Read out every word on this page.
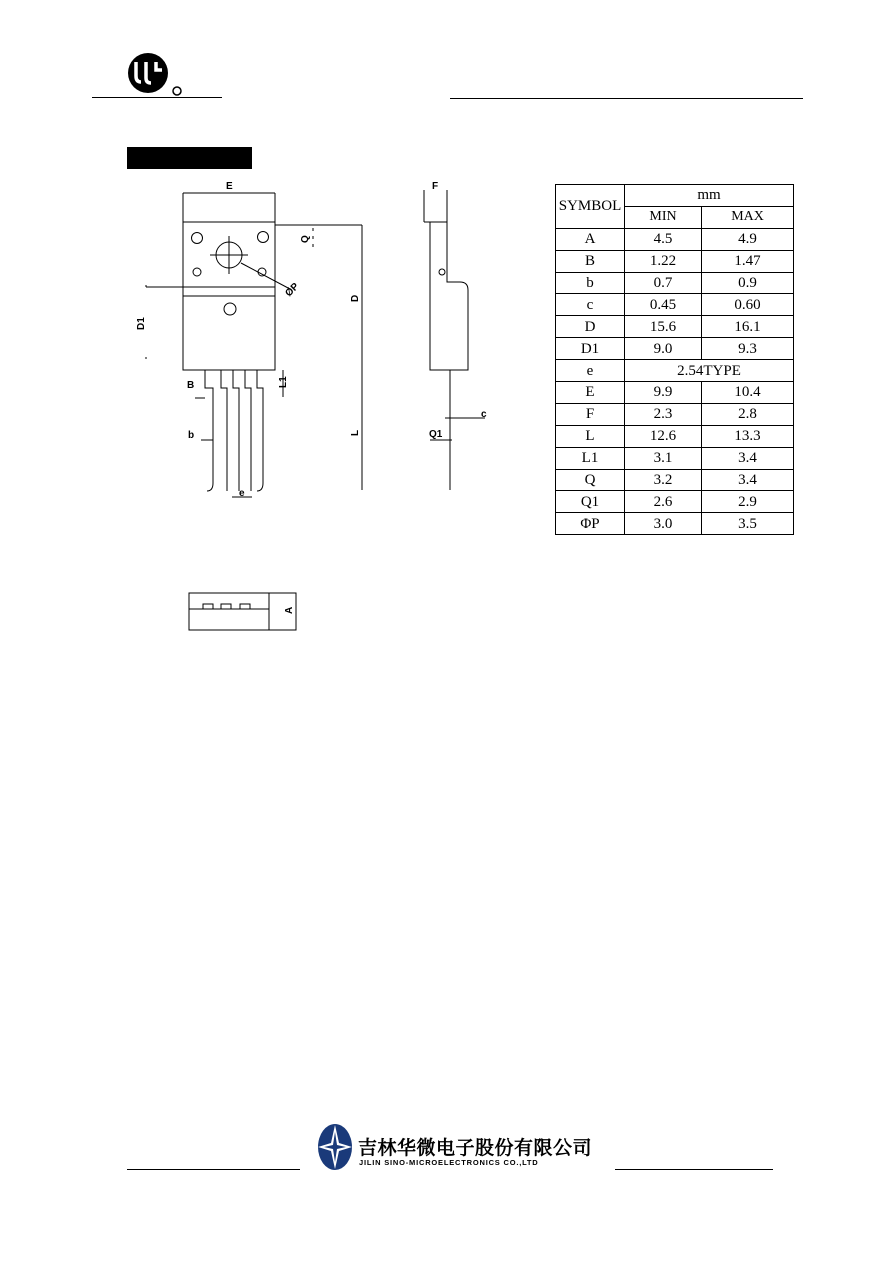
E	F
Q
D1
D
ØP
B	L1
c
b	L	Q1
e
A
SYMBOL	mm	
	MIN	MAX
A	4.5	4.9
B	1.22	1.47
b	0.7	0.9
c	0.45	0.60
D	15.6	16.1
D1	9.0	9.3
e	2.54TYPE	
E	9.9	10.4
F	2.3	2.8
L	12.6	13.3
L1	3.1	3.4
Q	3.2	3.4
Q1	2.6	2.9
ΦP	3.0	3.5
吉林华微电子股份有限公司
JILIN SINO-MICROELECTRONICS CO.,LTD
